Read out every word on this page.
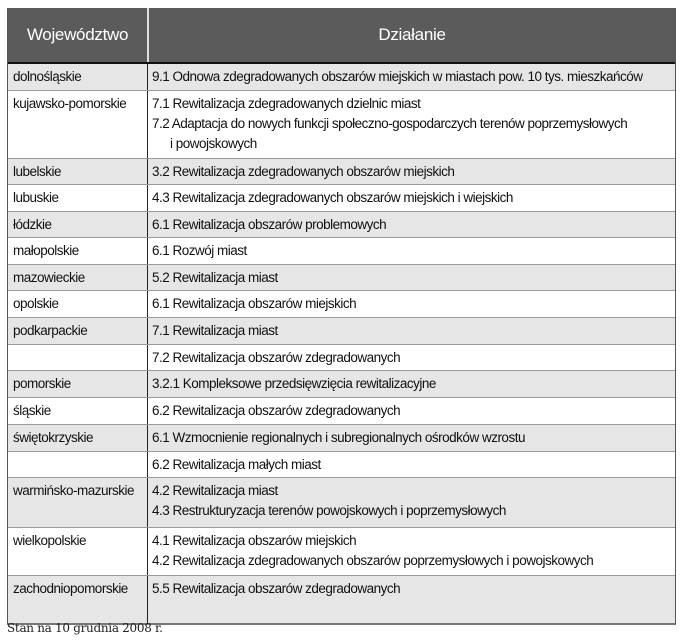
Województwo	Działanie
dolnośląskie	9.1 Odnowa zdegradowanych obszarów miejskich w miastach pow. 10 tys. mieszkańców
kujawsko-pomorskie	7.1 Rewitalizacja zdegradowanych dzielnic miast
7.2 Adaptacja do nowych funkcji społeczno-gospodarczych terenów poprzemysłowych
i powojskowych
lubelskie	3.2 Rewitalizacja zdegradowanych obszarów miejskich
lubuskie	4.3 Rewitalizacja zdegradowanych obszarów miejskich i wiejskich
łódzkie	6.1 Rewitalizacja obszarów problemowych
małopolskie	6.1 Rozwój miast
mazowieckie	5.2 Rewitalizacja miast
opolskie	6.1 Rewitalizacja obszarów miejskich
podkarpackie	7.1 Rewitalizacja miast
7.2 Rewitalizacja obszarów zdegradowanych
pomorskie	3.2.1 Kompleksowe przedsięwzięcia rewitalizacyjne
śląskie	6.2 Rewitalizacja obszarów zdegradowanych
świętokrzyskie	6.1 Wzmocnienie regionalnych i subregionalnych ośrodków wzrostu
6.2 Rewitalizacja małych miast
warmińsko-mazurskie	4.2 Rewitalizacja miast
4.3 Restrukturyzacja terenów powojskowych i poprzemysłowych
wielkopolskie	4.1 Rewitalizacja obszarów miejskich
4.2 Rewitalizacja zdegradowanych obszarów poprzemysłowych i powojskowych
zachodniopomorskie	5.5 Rewitalizacja obszarów zdegradowanych
Stan na 10 grudnia 2008 r.
